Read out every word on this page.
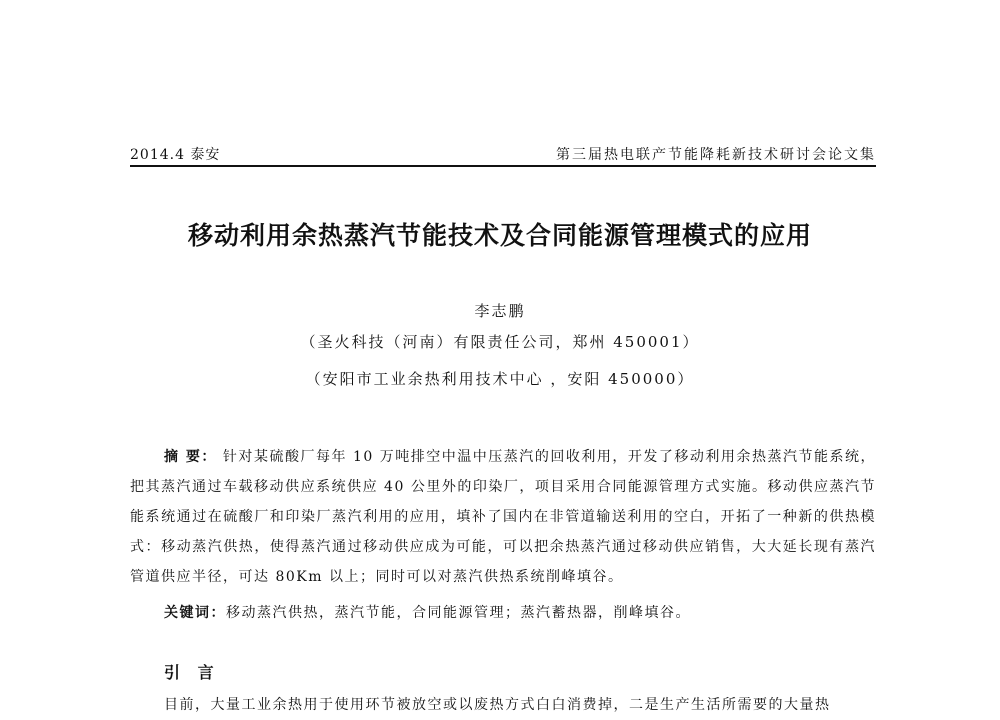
2014.4 泰安	第三届热电联产节能降耗新技术研讨会论文集
移动利用余热蒸汽节能技术及合同能源管理模式的应用
李志鹏
（圣火科技（河南）有限责任公司，郑州 450001）
（安阳市工业余热利用技术中心 ，安阳 450000）
摘 要： 针对某硫酸厂每年 10 万吨排空中温中压蒸汽的回收利用，开发了移动利用余热蒸汽节能系统，把其蒸汽通过车载移动供应系统供应 40 公里外的印染厂，项目采用合同能源管理方式实施。移动供应蒸汽节能系统通过在硫酸厂和印染厂蒸汽利用的应用，填补了国内在非管道输送利用的空白，开拓了一种新的供热模式：移动蒸汽供热，使得蒸汽通过移动供应成为可能，可以把余热蒸汽通过移动供应销售，大大延长现有蒸汽管道供应半径，可达 80Km 以上；同时可以对蒸汽供热系统削峰填谷。
关键词：移动蒸汽供热，蒸汽节能，合同能源管理；蒸汽蓄热器，削峰填谷。
引 言
目前，大量工业余热用于使用环节被放空或以废热方式白白消费掉，二是生产生活所需要的大量热
